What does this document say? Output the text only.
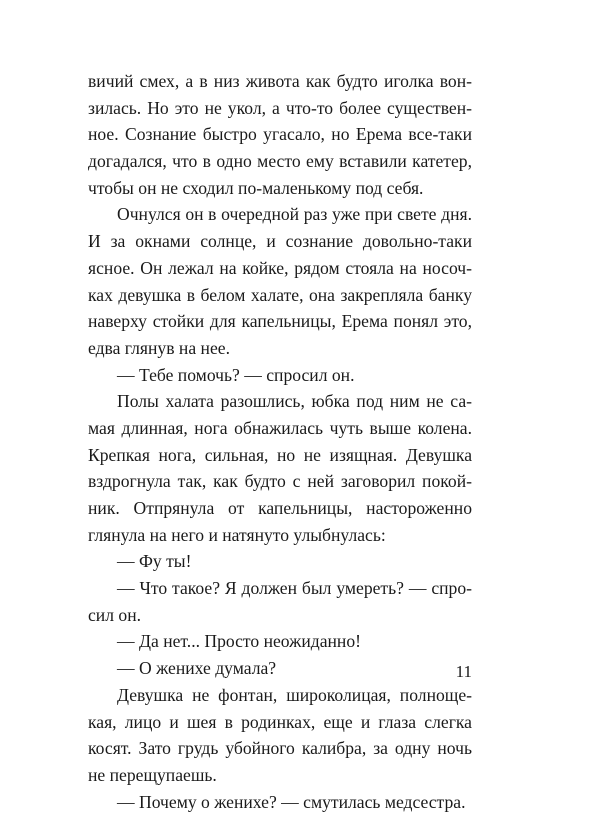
вичий смех, а в низ живота как будто иголка вон-
зилась. Но это не укол, а что-то более существен-
ное. Сознание быстро угасало, но Ерема все-таки
догадался, что в одно место ему вставили катетер,
чтобы он не сходил по-маленькому под себя.
Очнулся он в очередной раз уже при свете дня.
И за окнами солнце, и сознание довольно-таки
ясное. Он лежал на койке, рядом стояла на носоч-
ках девушка в белом халате, она закрепляла банку
наверху стойки для капельницы, Ерема понял это,
едва глянув на нее.
— Тебе помочь? — спросил он.
Полы халата разошлись, юбка под ним не са-
мая длинная, нога обнажилась чуть выше колена.
Крепкая нога, сильная, но не изящная. Девушка
вздрогнула так, как будто с ней заговорил покой-
ник. Отпрянула от капельницы, настороженно
глянула на него и натянуто улыбнулась:
— Фу ты!
— Что такое? Я должен был умереть? — спро-
сил он.
— Да нет... Просто неожиданно!
— О женихе думала?
Девушка не фонтан, широколицая, полноще-
кая, лицо и шея в родинках, еще и глаза слегка
косят. Зато грудь убойного калибра, за одну ночь
не перещупаешь.
— Почему о женихе? — смутилась медсестра.
11
